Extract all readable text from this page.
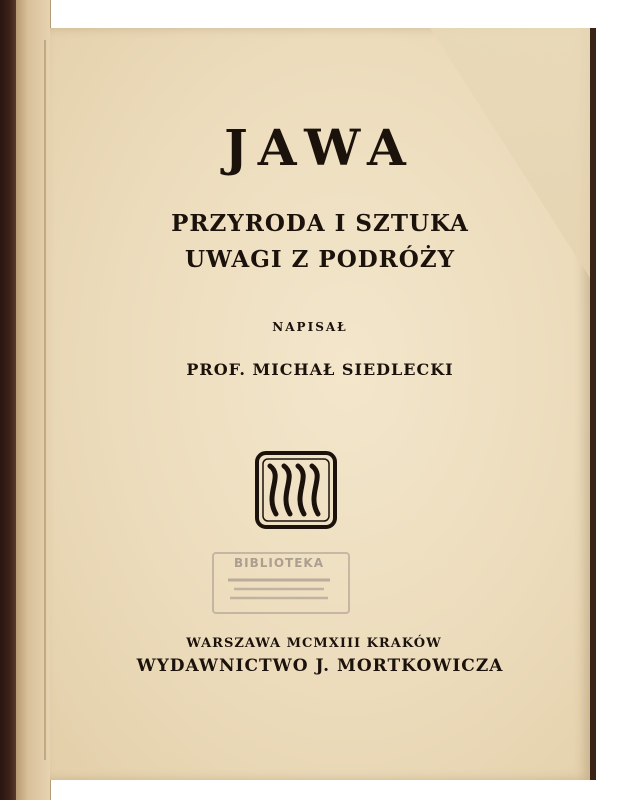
JAWA
PRZYRODA I SZTUKA
UWAGI Z PODRÓŻY
NAPISAŁ
PROF. MICHAŁ SIEDLECKI
BIBLIOTEKA
WARSZAWA MCMXIII KRAKÓW
WYDAWNICTWO J. MORTKOWICZA
